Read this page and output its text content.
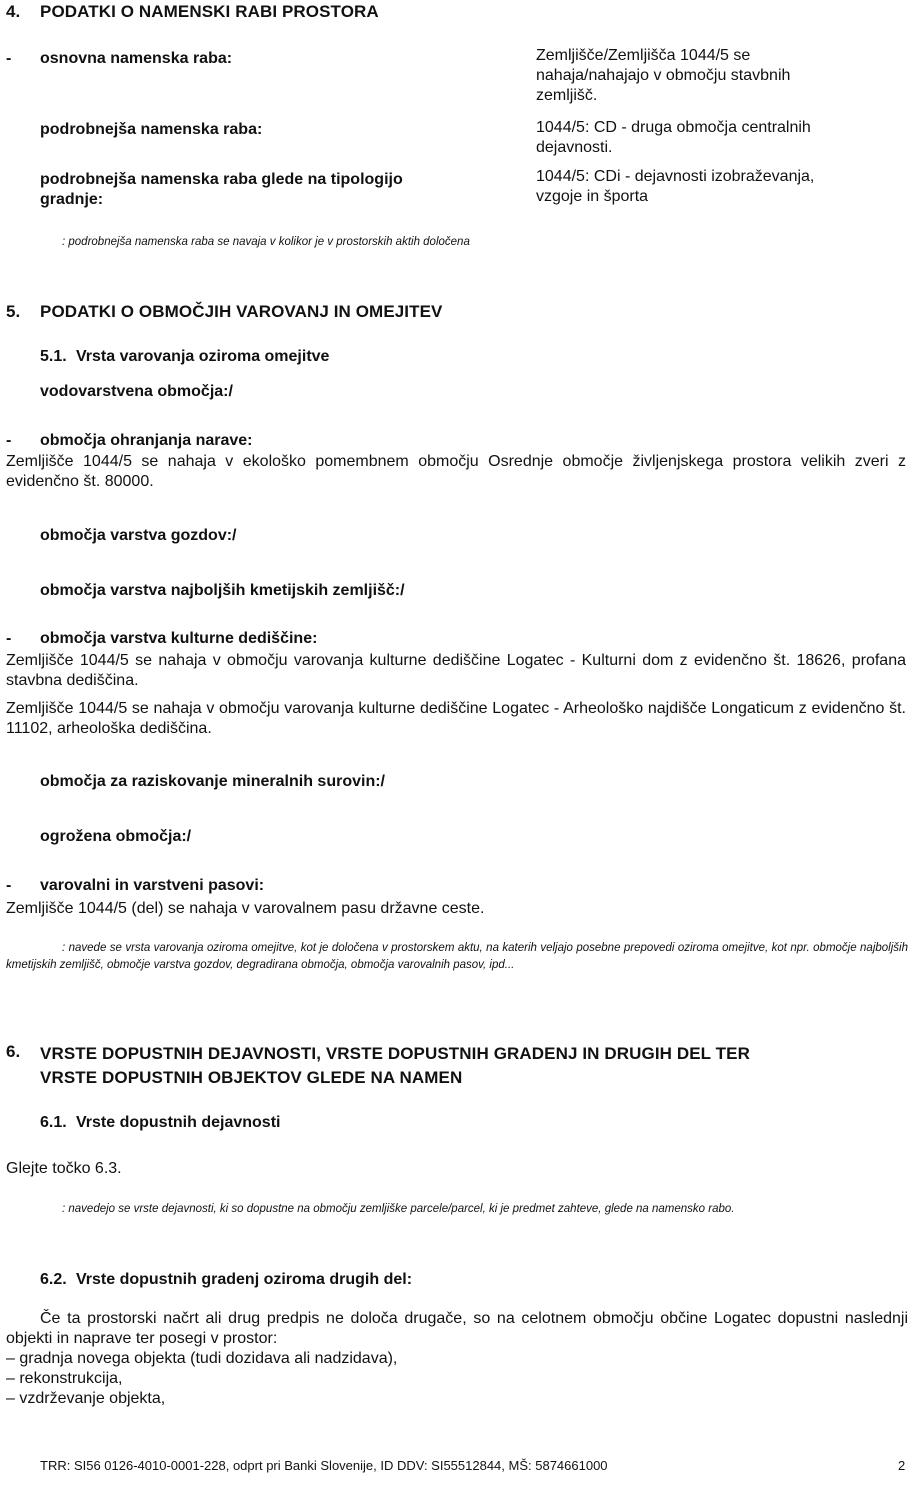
4. PODATKI O NAMENSKI RABI PROSTORA
- osnovna namenska raba:	Zemljišče/Zemljišča 1044/5 se
nahaja/nahajajo v območju stavbnih
zemljišč.
podrobnejša namenska raba:	1044/5: CD - druga območja centralnih
dejavnosti.
podrobnejša namenska raba glede na tipologijo
gradnje:
1044/5: CDi - dejavnosti izobraževanja,
vzgoje in športa
: podrobnejša namenska raba se navaja v kolikor je v prostorskih aktih določena
5. PODATKI O OBMOČJIH VAROVANJ IN OMEJITEV
5.1. Vrsta varovanja oziroma omejitve
vodovarstvena območja:/
- območja ohranjanja narave:
Zemljišče 1044/5 se nahaja v ekološko pomembnem območju Osrednje območje življenjskega prostora velikih zveri z evidenčno št. 80000.
območja varstva gozdov:/
območja varstva najboljših kmetijskih zemljišč:/
- območja varstva kulturne dediščine:
Zemljišče 1044/5 se nahaja v območju varovanja kulturne dediščine Logatec - Kulturni dom z evidenčno št. 18626, profana stavbna dediščina.
Zemljišče 1044/5 se nahaja v območju varovanja kulturne dediščine Logatec - Arheološko najdišče Longaticum z evidenčno št. 11102, arheološka dediščina.
območja za raziskovanje mineralnih surovin:/
ogrožena območja:/
- varovalni in varstveni pasovi:
Zemljišče 1044/5 (del) se nahaja v varovalnem pasu državne ceste.
: navede se vrsta varovanja oziroma omejitve, kot je določena v prostorskem aktu, na katerih veljajo posebne prepovedi oziroma omejitve, kot npr. območje najboljših kmetijskih zemljišč, območje varstva gozdov, degradirana območja, območja varovalnih pasov, ipd...
6. VRSTE DOPUSTNIH DEJAVNOSTI, VRSTE DOPUSTNIH GRADENJ IN DRUGIH DEL TER
VRSTE DOPUSTNIH OBJEKTOV GLEDE NA NAMEN
6.1. Vrste dopustnih dejavnosti
Glejte točko 6.3.
: navedejo se vrste dejavnosti, ki so dopustne na območju zemljiške parcele/parcel, ki je predmet zahteve, glede na namensko rabo.
6.2. Vrste dopustnih gradenj oziroma drugih del:
Če ta prostorski načrt ali drug predpis ne določa drugače, so na celotnem območju občine Logatec dopustni naslednji objekti in naprave ter posegi v prostor:
– gradnja novega objekta (tudi dozidava ali nadzidava),
– rekonstrukcija,
– vzdrževanje objekta,
TRR: SI56 0126-4010-0001-228, odprt pri Banki Slovenije, ID DDV: SI55512844, MŠ: 5874661000	2
